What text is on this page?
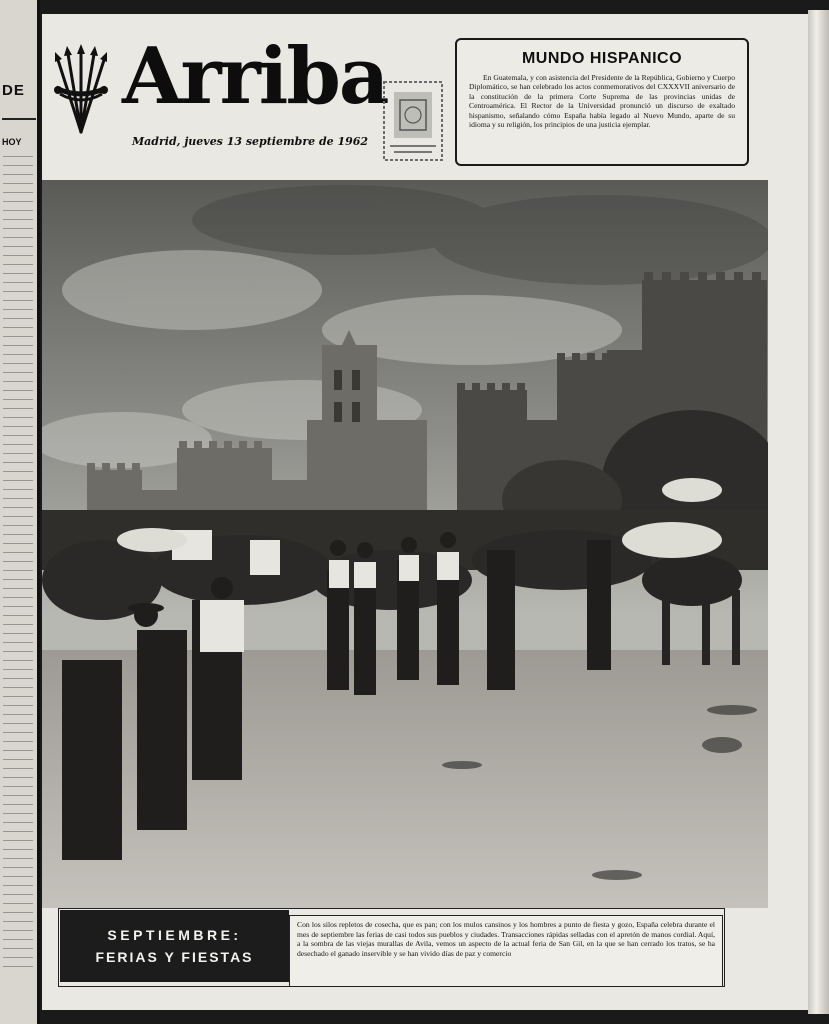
DE
HOY
Arriba
Madrid, jueves 13 septiembre de 1962
MUNDO HISPANICO
En Guatemala, y con asistencia del Presidente de la República, Gobierno y Cuerpo Diplomático, se han celebrado los actos conmemorativos del CXXXVII aniversario de la constitución de la primera Corte Suprema de las provincias unidas de Centroamérica. El Rector de la Universidad pronunció un discurso de exaltado hispanismo, señalando cómo España había legado al Nuevo Mundo, aparte de su idioma y su religión, los principios de una justicia ejemplar.
SEPTIEMBRE:
FERIAS Y FIESTAS
Con los silos repletos de cosecha, que es pan; con los mulos cansinos y los hombres a punto de fiesta y gozo, España celebra durante el mes de septiembre las ferias de casi todos sus pueblos y ciudades. Transacciones rápidas selladas con el apretón de manos cordial. Aquí, a la sombra de las viejas murallas de Avila, vemos un aspecto de la actual feria de San Gil, en la que se han cerrado los tratos, se ha desechado el ganado inservible y se han vivido días de paz y comercio
